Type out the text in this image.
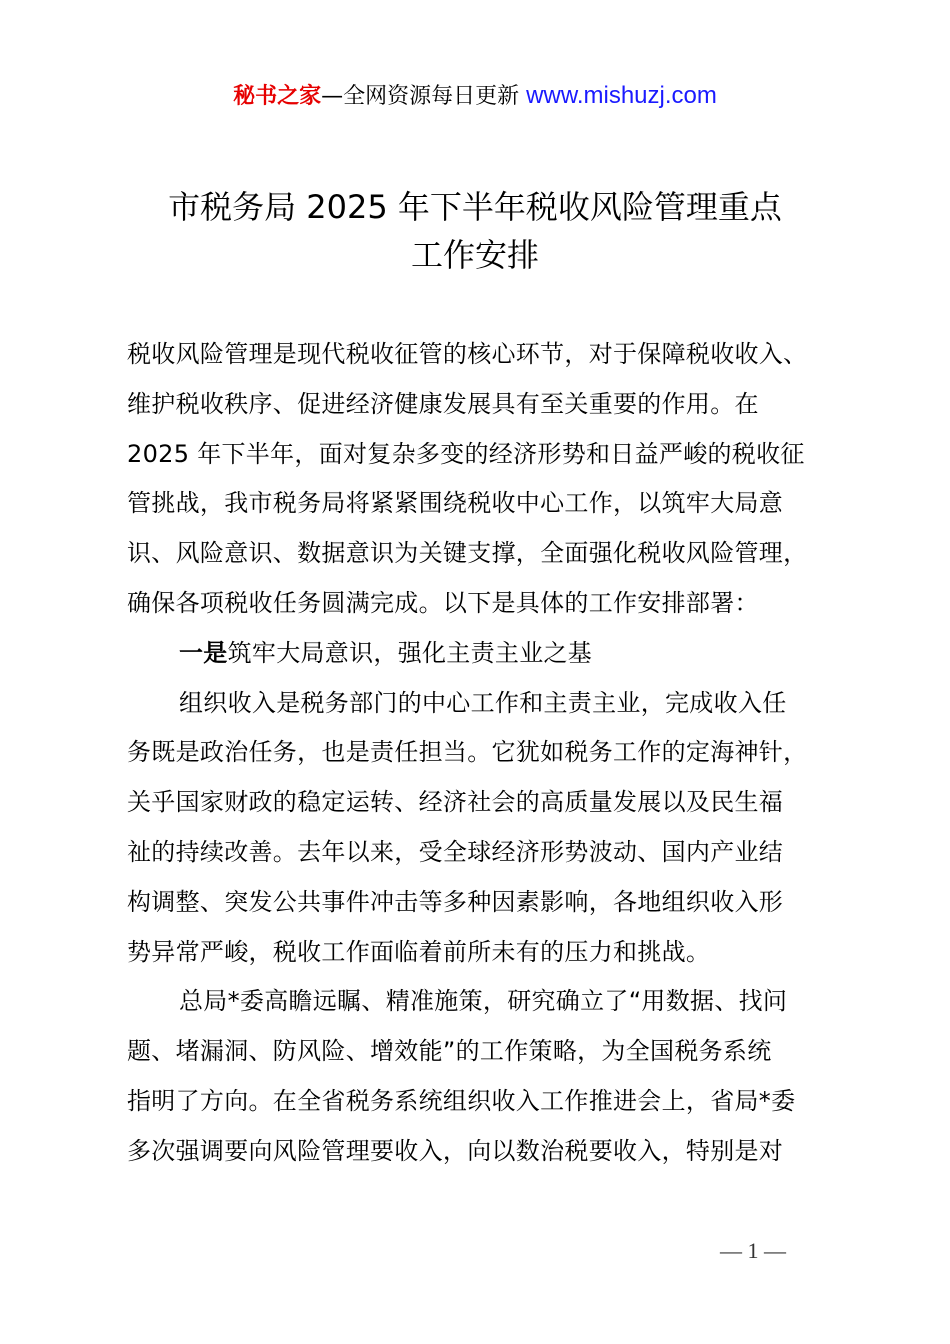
秘书之家—全网资源每日更新 www.mishuzj.com
市税务局 2025 年下半年税收风险管理重点
工作安排
税收风险管理是现代税收征管的核心环节，对于保障税收收入、
维护税收秩序、促进经济健康发展具有至关重要的作用。在
2025 年下半年，面对复杂多变的经济形势和日益严峻的税收征
管挑战，我市税务局将紧紧围绕税收中心工作，以筑牢大局意
识、风险意识、数据意识为关键支撑，全面强化税收风险管理，
确保各项税收任务圆满完成。以下是具体的工作安排部署：
一是筑牢大局意识，强化主责主业之基
组织收入是税务部门的中心工作和主责主业，完成收入任
务既是政治任务，也是责任担当。它犹如税务工作的定海神针，
关乎国家财政的稳定运转、经济社会的高质量发展以及民生福
祉的持续改善。去年以来，受全球经济形势波动、国内产业结
构调整、突发公共事件冲击等多种因素影响，各地组织收入形
势异常严峻，税收工作面临着前所未有的压力和挑战。
总局*委高瞻远瞩、精准施策，研究确立了“用数据、找问
题、堵漏洞、防风险、增效能”的工作策略，为全国税务系统
指明了方向。在全省税务系统组织收入工作推进会上，省局*委
多次强调要向风险管理要收入，向以数治税要收入，特别是对
— 1 —
